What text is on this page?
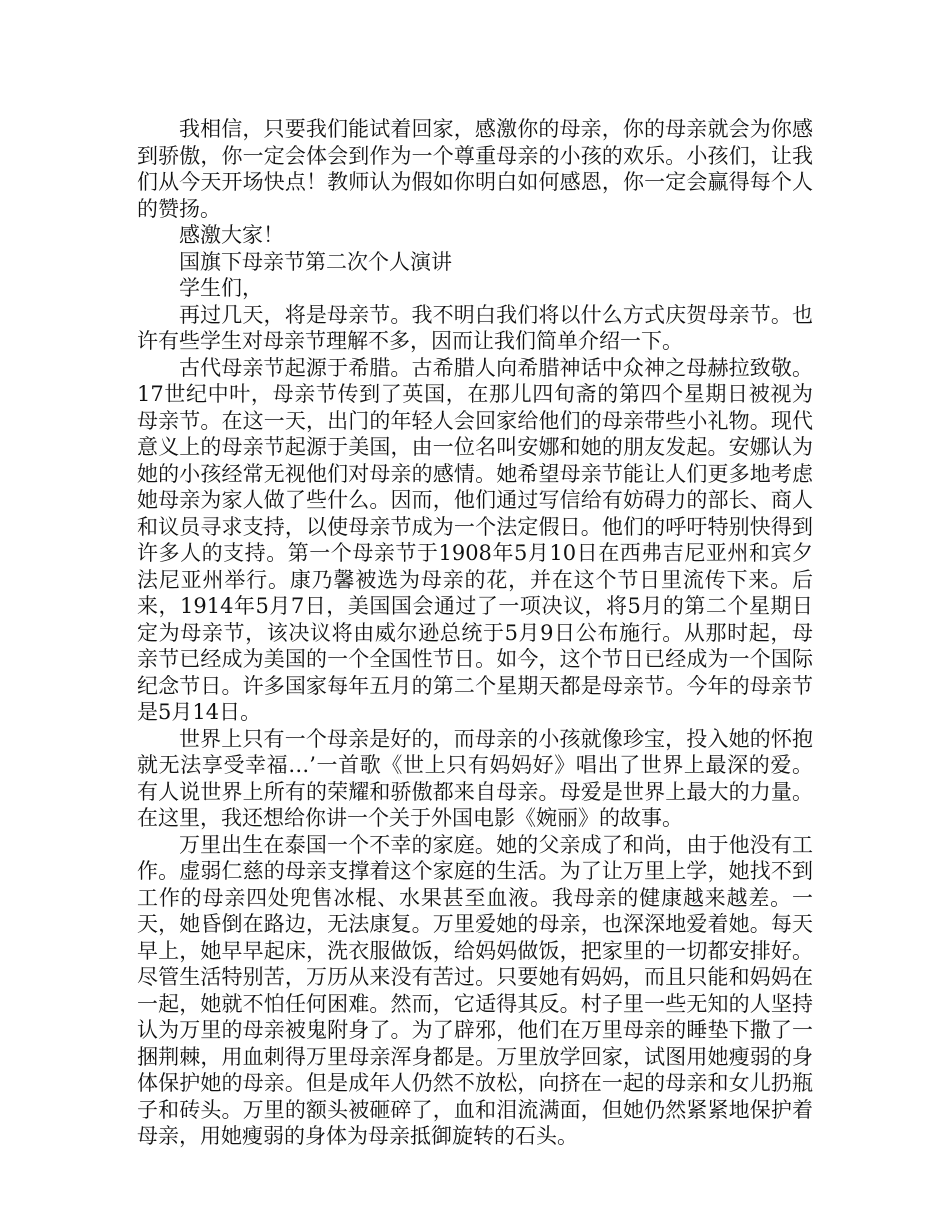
我相信，只要我们能试着回家，感激你的母亲，你的母亲就会为你感到骄傲，你一定会体会到作为一个尊重母亲的小孩的欢乐。小孩们，让我们从今天开场快点！教师认为假如你明白如何感恩，你一定会赢得每个人的赞扬。

感激大家！

国旗下母亲节第二次个人演讲

学生们，

再过几天，将是母亲节。我不明白我们将以什么方式庆贺母亲节。也许有些学生对母亲节理解不多，因而让我们简单介绍一下。

古代母亲节起源于希腊。古希腊人向希腊神话中众神之母赫拉致敬。17世纪中叶，母亲节传到了英国，在那儿四旬斋的第四个星期日被视为母亲节。在这一天，出门的年轻人会回家给他们的母亲带些小礼物。现代意义上的母亲节起源于美国，由一位名叫安娜和她的朋友发起。安娜认为她的小孩经常无视他们对母亲的感情。她希望母亲节能让人们更多地考虑她母亲为家人做了些什么。因而，他们通过写信给有妨碍力的部长、商人和议员寻求支持，以使母亲节成为一个法定假日。他们的呼吁特别快得到许多人的支持。第一个母亲节于1908年5月10日在西弗吉尼亚州和宾夕法尼亚州举行。康乃馨被选为母亲的花，并在这个节日里流传下来。后来，1914年5月7日，美国国会通过了一项决议，将5月的第二个星期日定为母亲节，该决议将由威尔逊总统于5月9日公布施行。从那时起，母亲节已经成为美国的一个全国性节日。如今，这个节日已经成为一个国际纪念节日。许多国家每年五月的第二个星期天都是母亲节。今年的母亲节是5月14日。

世界上只有一个母亲是好的，而母亲的小孩就像珍宝，投入她的怀抱就无法享受幸福…’一首歌《世上只有妈妈好》唱出了世界上最深的爱。有人说世界上所有的荣耀和骄傲都来自母亲。母爱是世界上最大的力量。在这里，我还想给你讲一个关于外国电影《婉丽》的故事。

万里出生在泰国一个不幸的家庭。她的父亲成了和尚，由于他没有工作。虚弱仁慈的母亲支撑着这个家庭的生活。为了让万里上学，她找不到工作的母亲四处兜售冰棍、水果甚至血液。我母亲的健康越来越差。一天，她昏倒在路边，无法康复。万里爱她的母亲，也深深地爱着她。每天早上，她早早起床，洗衣服做饭，给妈妈做饭，把家里的一切都安排好。尽管生活特别苦，万历从来没有苦过。只要她有妈妈，而且只能和妈妈在一起，她就不怕任何困难。然而，它适得其反。村子里一些无知的人坚持认为万里的母亲被鬼附身了。为了辟邪，他们在万里母亲的睡垫下撒了一捆荆棘，用血刺得万里母亲浑身都是。万里放学回家，试图用她瘦弱的身体保护她的母亲。但是成年人仍然不放松，向挤在一起的母亲和女儿扔瓶子和砖头。万里的额头被砸碎了，血和泪流满面，但她仍然紧紧地保护着母亲，用她瘦弱的身体为母亲抵御旋转的石头。
